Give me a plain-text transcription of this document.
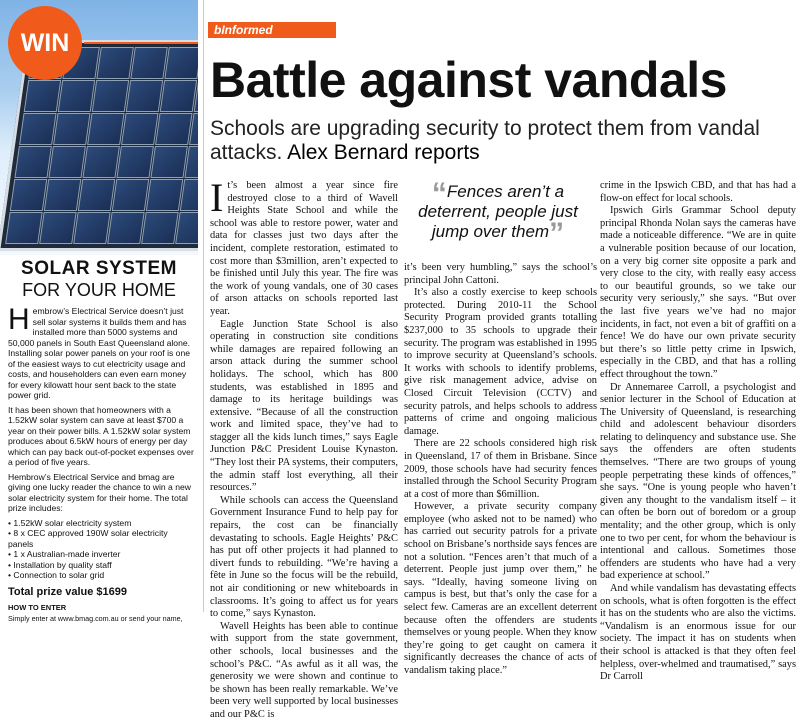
WIN
SOLAR SYSTEM
FOR YOUR HOME

Hembrow’s Electrical Service doesn’t just sell solar systems it builds them and has installed more than 5000 systems and 50,000 panels in South East Queensland alone. Installing solar power panels on your roof is one of the easiest ways to cut electricity usage and costs, and householders can even earn money for every kilowatt hour sent back to the state power grid.

It has been shown that homeowners with a 1.52kW solar system can save at least $700 a year on their power bills. A 1.52kW solar system produces about 6.5kW hours of energy per day which can pay back out-of-pocket expenses over a period of five years.

Hembrow’s Electrical Service and bmag are giving one lucky reader the chance to win a new solar electricity system for their home. The total prize includes:

• 1.52kW solar electricity system
• 8 x CEC approved 190W solar electricity panels
• 1 x Australian-made inverter
• Installation by quality staff
• Connection to solar grid

Total prize value $1699

HOW TO ENTER

Simply enter at www.bmag.com.au or send your name,

bInformed
Battle against vandals
Schools are upgrading security to protect them from vandal attacks. Alex Bernard reports

It’s been almost a year since fire destroyed close to a third of Wavell Heights State School and while the school was able to restore power, water and data for classes just two days after the incident, complete restoration, estimated to cost more than $3million, aren’t expected to be finished until July this year. The fire was the work of young vandals, one of 30 cases of arson attacks on schools reported last year.

Eagle Junction State School is also operating in construction site conditions while damages are repaired following an arson attack during the summer school holidays. The school, which has 800 students, was established in 1895 and damage to its heritage buildings was extensive. “Because of all the construction work and limited space, they’ve had to stagger all the kids lunch times,” says Eagle Junction P&C President Louise Kynaston. “They lost their PA systems, their computers, the admin staff lost everything, all their resources.”

While schools can access the Queensland Government Insurance Fund to help pay for repairs, the cost can be financially devastating to schools. Eagle Heights’ P&C has put off other projects it had planned to divert funds to rebuilding. “We’re having a fête in June so the focus will be the rebuild, not air conditioning or new whiteboards in classrooms. It’s going to affect us for years to come,” says Kynaston.

Wavell Heights has been able to continue with support from the state government, other schools, local businesses and the school’s P&C. “As awful as it all was, the generosity we were shown and continue to be shown has been really remarkable. We’ve been very well supported by local businesses and our P&C is

“Fences aren’t a deterrent, people just jump over them”

it’s been very humbling,” says the school’s principal John Cattoni.

It’s also a costly exercise to keep schools protected. During 2010-11 the School Security Program provided grants totalling $237,000 to 35 schools to upgrade their security. The program was established in 1995 to improve security at Queensland’s schools. It works with schools to identify problems, give risk management advice, advise on Closed Circuit Television (CCTV) and security patrols, and helps schools to address patterns of crime and ongoing malicious damage.

There are 22 schools considered high risk in Queensland, 17 of them in Brisbane. Since 2009, those schools have had security fences installed through the School Security Program at a cost of more than $6million.

However, a private security company employee (who asked not to be named) who has carried out security patrols for a private school on Brisbane’s northside says fences are not a solution. “Fences aren’t that much of a deterrent. People just jump over them,” he says. “Ideally, having someone living on campus is best, but that’s only the case for a select few. Cameras are an excellent deterrent because often the offenders are students themselves or young people. When they know they’re going to get caught on camera it significantly decreases the chance of acts of vandalism taking place.”

crime in the Ipswich CBD, and that has had a flow-on effect for local schools.

Ipswich Girls Grammar School deputy principal Rhonda Nolan says the cameras have made a noticeable difference. “We are in quite a vulnerable position because of our location, on a very big corner site opposite a park and very close to the city, with really easy access to our beautiful grounds, so we take our security very seriously,” she says. “But over the last five years we’ve had no major incidents, in fact, not even a bit of graffiti on a fence! We do have our own private security but there’s so little petty crime in Ipswich, especially in the CBD, and that has a rolling effect throughout the town.”

Dr Annemaree Carroll, a psychologist and senior lecturer in the School of Education at The University of Queensland, is researching child and adolescent behaviour disorders relating to delinquency and substance use. She says the offenders are often students themselves. “There are two groups of young people perpetrating these kinds of offences,” she says. “One is young people who haven’t given any thought to the vandalism itself – it can often be born out of boredom or a group mentality; and the other group, which is only one to two per cent, for whom the behaviour is intentional and callous. Sometimes those offenders are students who have had a very bad experience at school.”

And while vandalism has devastating effects on schools, what is often forgotten is the effect it has on the students who are also the victims. “Vandalism is an enormous issue for our society. The impact it has on students when their school is attacked is that they often feel helpless, over-whelmed and traumatised,” says Dr Carroll
